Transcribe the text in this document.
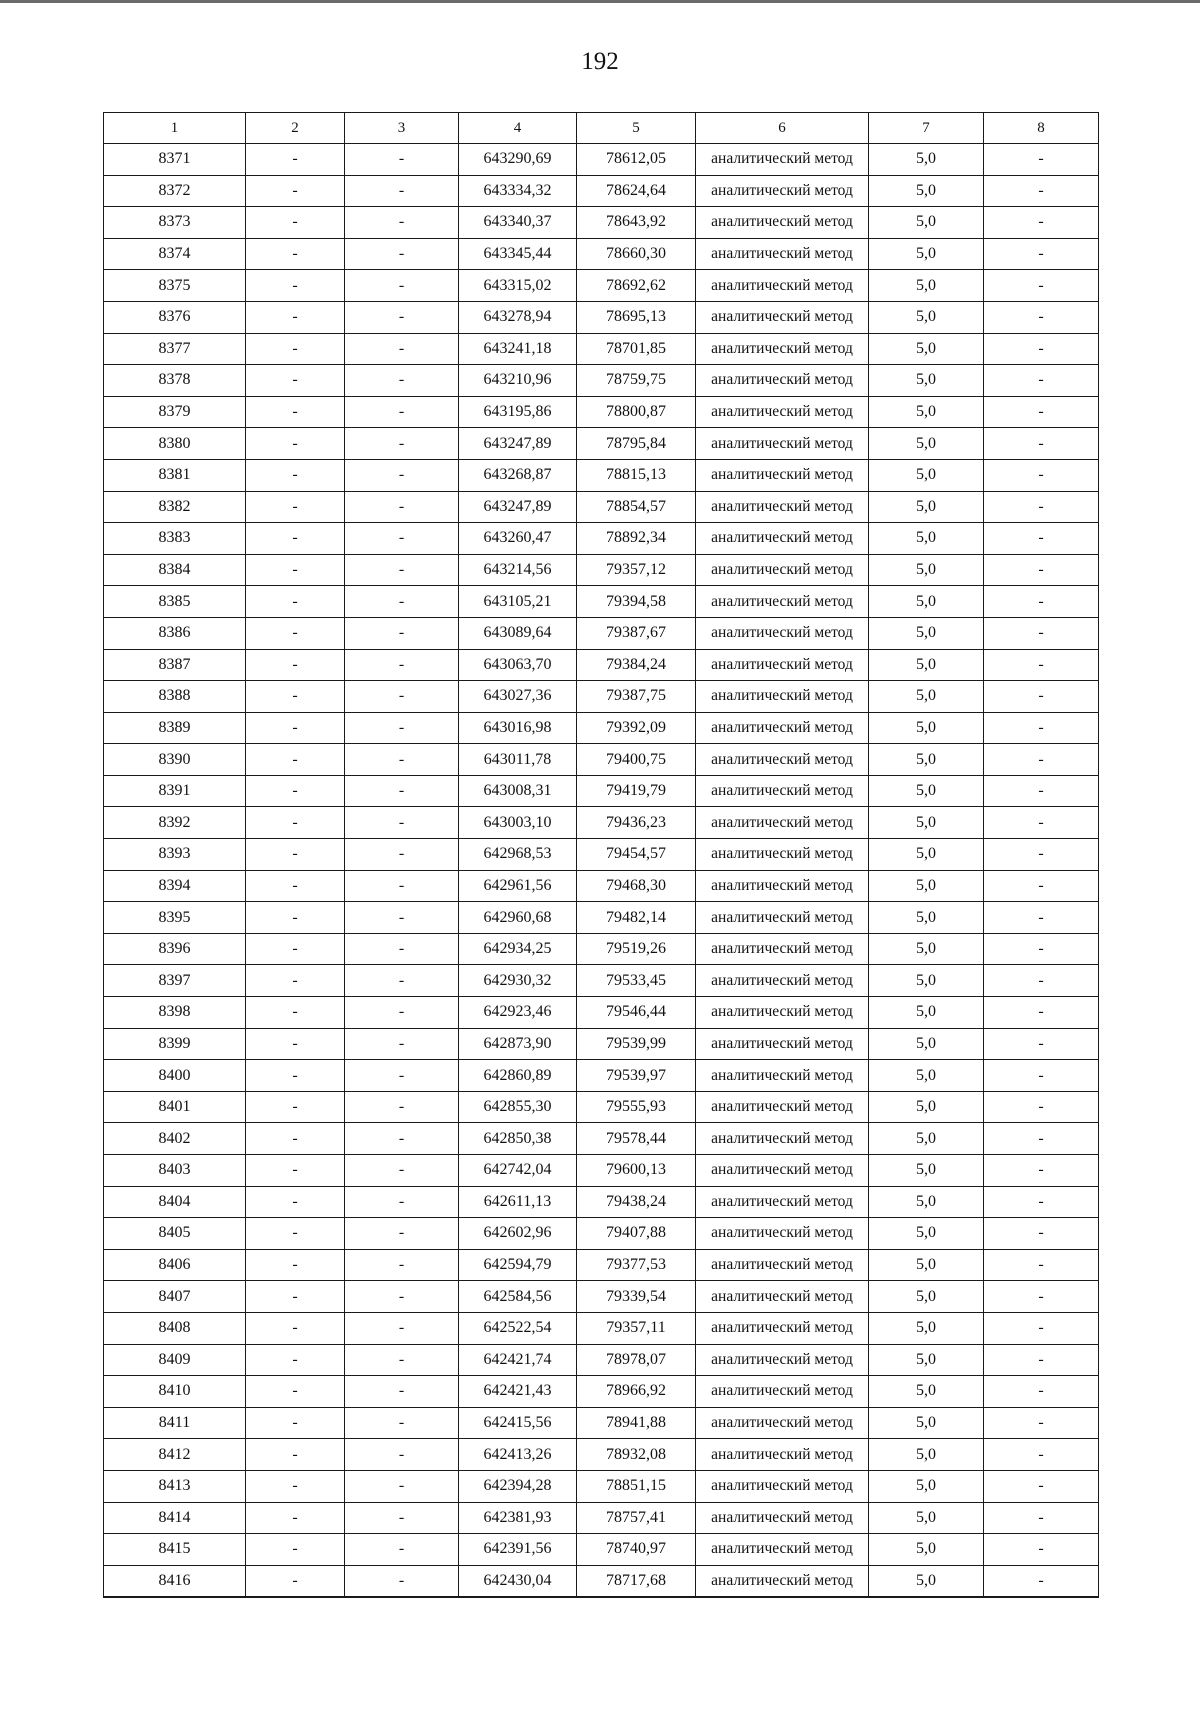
192
1	2	3	4	5	6	7	8
8371	-	-	643290,69	78612,05	аналитический метод	5,0	-
8372	-	-	643334,32	78624,64	аналитический метод	5,0	-
8373	-	-	643340,37	78643,92	аналитический метод	5,0	-
8374	-	-	643345,44	78660,30	аналитический метод	5,0	-
8375	-	-	643315,02	78692,62	аналитический метод	5,0	-
8376	-	-	643278,94	78695,13	аналитический метод	5,0	-
8377	-	-	643241,18	78701,85	аналитический метод	5,0	-
8378	-	-	643210,96	78759,75	аналитический метод	5,0	-
8379	-	-	643195,86	78800,87	аналитический метод	5,0	-
8380	-	-	643247,89	78795,84	аналитический метод	5,0	-
8381	-	-	643268,87	78815,13	аналитический метод	5,0	-
8382	-	-	643247,89	78854,57	аналитический метод	5,0	-
8383	-	-	643260,47	78892,34	аналитический метод	5,0	-
8384	-	-	643214,56	79357,12	аналитический метод	5,0	-
8385	-	-	643105,21	79394,58	аналитический метод	5,0	-
8386	-	-	643089,64	79387,67	аналитический метод	5,0	-
8387	-	-	643063,70	79384,24	аналитический метод	5,0	-
8388	-	-	643027,36	79387,75	аналитический метод	5,0	-
8389	-	-	643016,98	79392,09	аналитический метод	5,0	-
8390	-	-	643011,78	79400,75	аналитический метод	5,0	-
8391	-	-	643008,31	79419,79	аналитический метод	5,0	-
8392	-	-	643003,10	79436,23	аналитический метод	5,0	-
8393	-	-	642968,53	79454,57	аналитический метод	5,0	-
8394	-	-	642961,56	79468,30	аналитический метод	5,0	-
8395	-	-	642960,68	79482,14	аналитический метод	5,0	-
8396	-	-	642934,25	79519,26	аналитический метод	5,0	-
8397	-	-	642930,32	79533,45	аналитический метод	5,0	-
8398	-	-	642923,46	79546,44	аналитический метод	5,0	-
8399	-	-	642873,90	79539,99	аналитический метод	5,0	-
8400	-	-	642860,89	79539,97	аналитический метод	5,0	-
8401	-	-	642855,30	79555,93	аналитический метод	5,0	-
8402	-	-	642850,38	79578,44	аналитический метод	5,0	-
8403	-	-	642742,04	79600,13	аналитический метод	5,0	-
8404	-	-	642611,13	79438,24	аналитический метод	5,0	-
8405	-	-	642602,96	79407,88	аналитический метод	5,0	-
8406	-	-	642594,79	79377,53	аналитический метод	5,0	-
8407	-	-	642584,56	79339,54	аналитический метод	5,0	-
8408	-	-	642522,54	79357,11	аналитический метод	5,0	-
8409	-	-	642421,74	78978,07	аналитический метод	5,0	-
8410	-	-	642421,43	78966,92	аналитический метод	5,0	-
8411	-	-	642415,56	78941,88	аналитический метод	5,0	-
8412	-	-	642413,26	78932,08	аналитический метод	5,0	-
8413	-	-	642394,28	78851,15	аналитический метод	5,0	-
8414	-	-	642381,93	78757,41	аналитический метод	5,0	-
8415	-	-	642391,56	78740,97	аналитический метод	5,0	-
8416	-	-	642430,04	78717,68	аналитический метод	5,0	-
